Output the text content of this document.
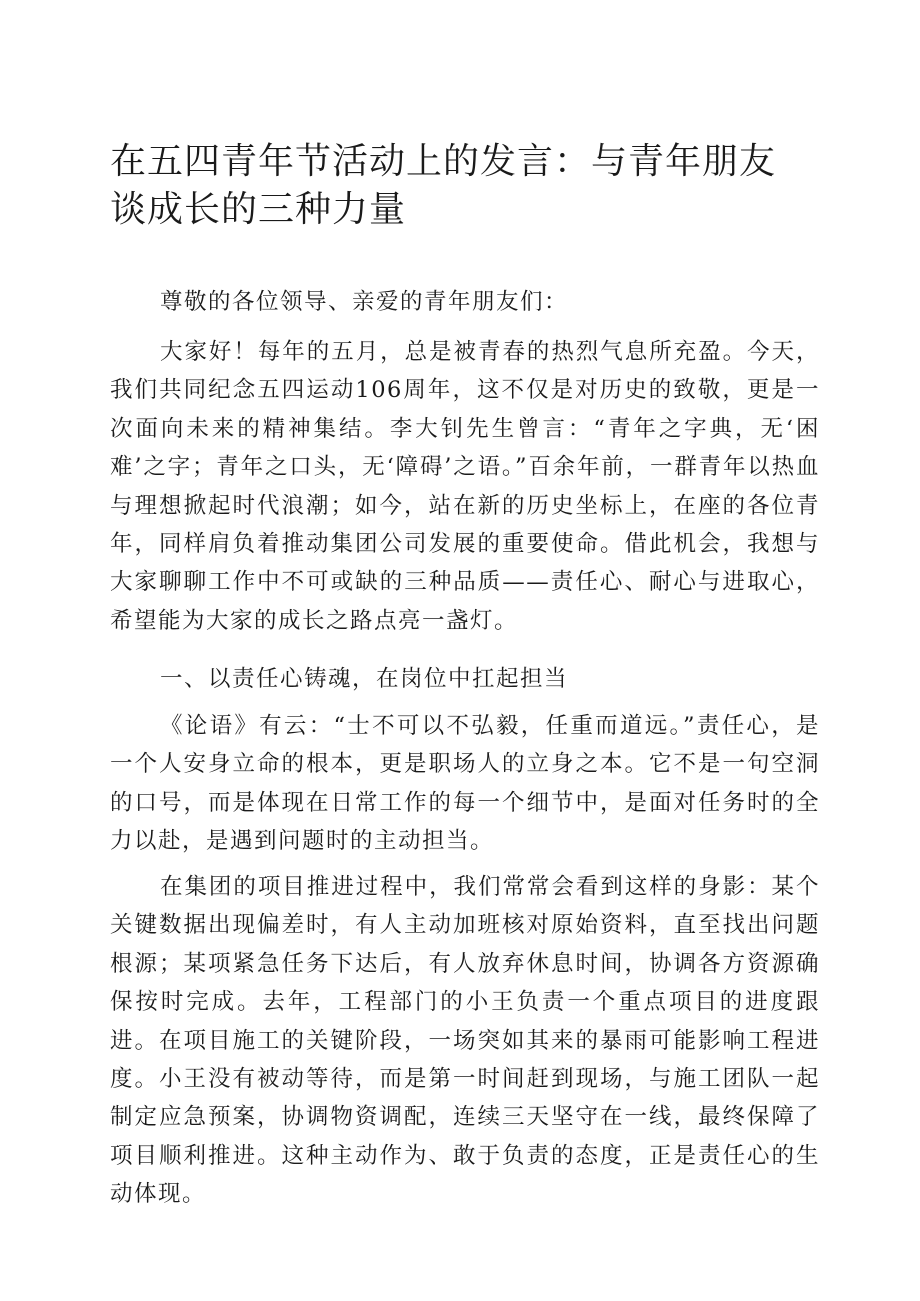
在五四青年节活动上的发言：与青年朋友谈成长的三种力量

尊敬的各位领导、亲爱的青年朋友们：

大家好！每年的五月，总是被青春的热烈气息所充盈。今天，我们共同纪念五四运动106周年，这不仅是对历史的致敬，更是一次面向未来的精神集结。李大钊先生曾言：“青年之字典，无‘困难’之字；青年之口头，无‘障碍’之语。”百余年前，一群青年以热血与理想掀起时代浪潮；如今，站在新的历史坐标上，在座的各位青年，同样肩负着推动集团公司发展的重要使命。借此机会，我想与大家聊聊工作中不可或缺的三种品质——责任心、耐心与进取心，希望能为大家的成长之路点亮一盏灯。

一、以责任心铸魂，在岗位中扛起担当

《论语》有云：“士不可以不弘毅，任重而道远。”责任心，是一个人安身立命的根本，更是职场人的立身之本。它不是一句空洞的口号，而是体现在日常工作的每一个细节中，是面对任务时的全力以赴，是遇到问题时的主动担当。

在集团的项目推进过程中，我们常常会看到这样的身影：某个关键数据出现偏差时，有人主动加班核对原始资料，直至找出问题根源；某项紧急任务下达后，有人放弃休息时间，协调各方资源确保按时完成。去年，工程部门的小王负责一个重点项目的进度跟进。在项目施工的关键阶段，一场突如其来的暴雨可能影响工程进度。小王没有被动等待，而是第一时间赶到现场，与施工团队一起制定应急预案，协调物资调配，连续三天坚守在一线，最终保障了项目顺利推进。这种主动作为、敢于负责的态度，正是责任心的生动体现。
